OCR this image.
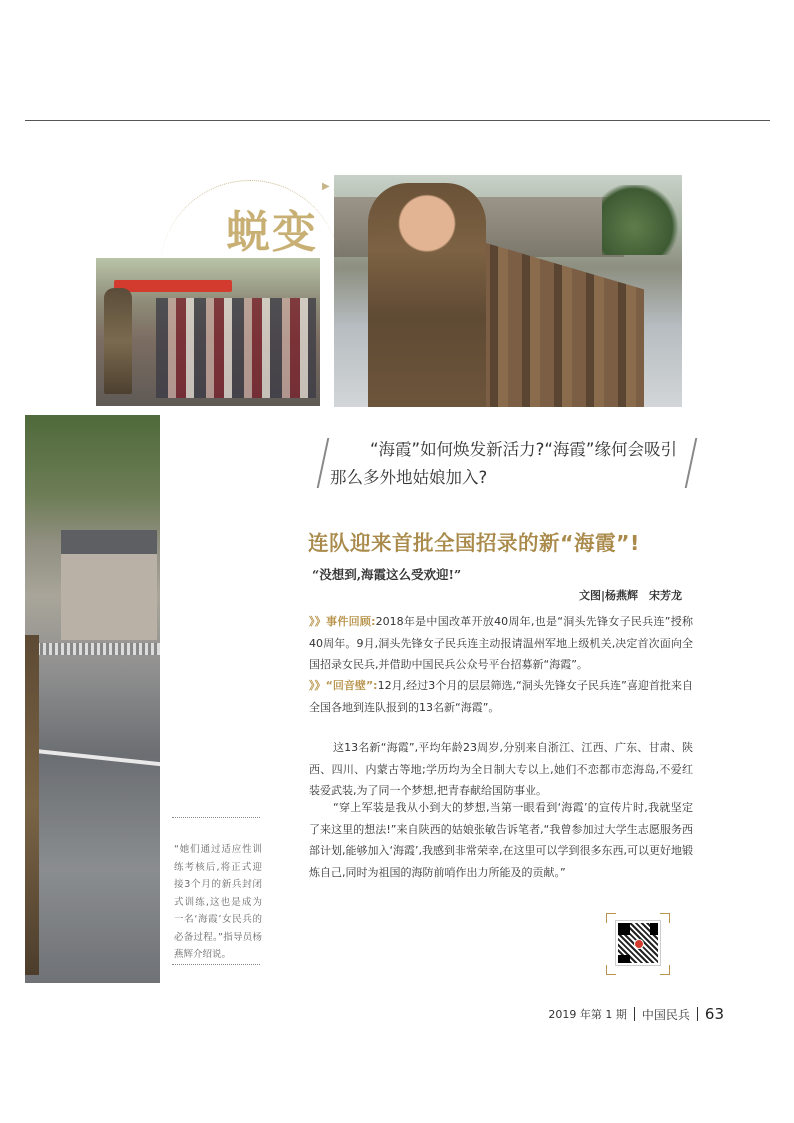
▶
蜕变
“海霞”如何焕发新活力?“海霞”缘何会吸引那么多外地姑娘加入?
连队迎来首批全国招录的新“海霞”!
“没想到,海霞这么受欢迎!”
文图|杨燕辉　宋芳龙

》》事件回顾:2018年是中国改革开放40周年,也是“洞头先锋女子民兵连”授称40周年。9月,洞头先锋女子民兵连主动报请温州军地上级机关,决定首次面向全国招录女民兵,并借助中国民兵公众号平台招募新“海霞”。

》》“回音壁”:12月,经过3个月的层层筛选,“洞头先锋女子民兵连”喜迎首批来自全国各地到连队报到的13名新“海霞”。

这13名新“海霞”,平均年龄23周岁,分别来自浙江、江西、广东、甘肃、陕西、四川、内蒙古等地;学历均为全日制大专以上,她们不恋都市恋海岛,不爱红装爱武装,为了同一个梦想,把青春献给国防事业。

“穿上军装是我从小到大的梦想,当第一眼看到‘海霞’的宣传片时,我就坚定了来这里的想法!”来自陕西的姑娘张敏告诉笔者,“我曾参加过大学生志愿服务西部计划,能够加入‘海霞’,我感到非常荣幸,在这里可以学到很多东西,可以更好地锻炼自己,同时为祖国的海防前哨作出力所能及的贡献。”

“她们通过适应性训练考核后,将正式迎接3个月的新兵封闭式训练,这也是成为一名‘海霞’女民兵的必备过程。”指导员杨燕辉介绍说。
2019 年第 1 期 中国民兵 63
